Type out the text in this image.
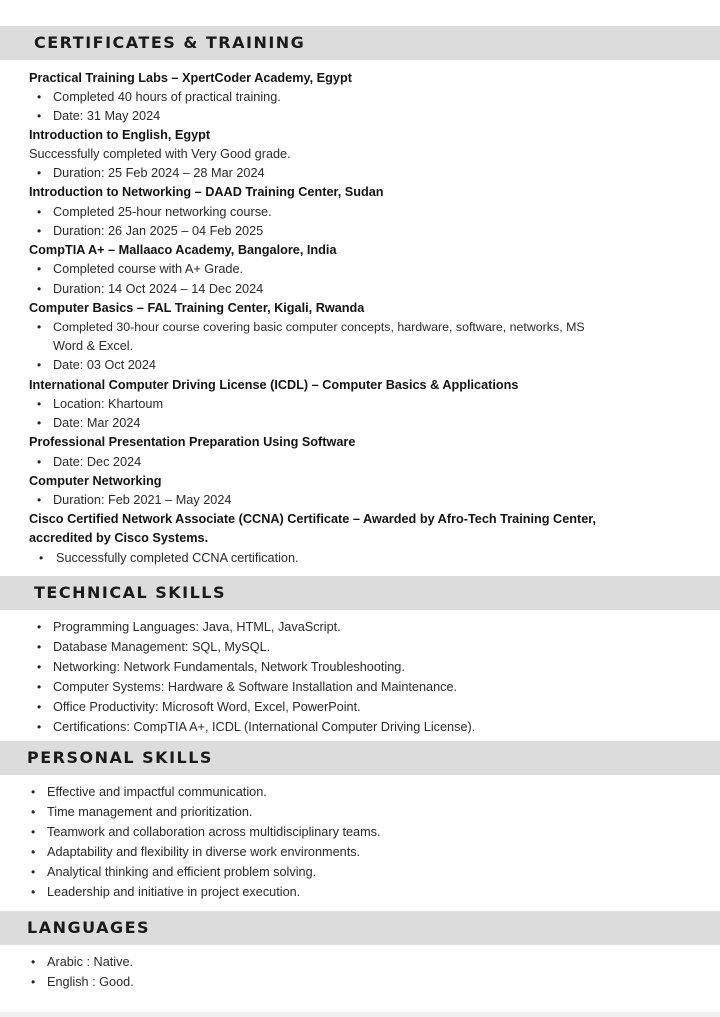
CERTIFICATES & TRAINING
Practical Training Labs – XpertCoder Academy, Egypt
• Completed 40 hours of practical training.
• Date: 31 May 2024
Introduction to English, Egypt
Successfully completed with Very Good grade.
• Duration: 25 Feb 2024 – 28 Mar 2024
Introduction to Networking – DAAD Training Center, Sudan
• Completed 25-hour networking course.
• Duration: 26 Jan 2025 – 04 Feb 2025
CompTIA A+ – Mallaaco Academy, Bangalore, India
• Completed course with A+ Grade.
• Duration: 14 Oct 2024 – 14 Dec 2024
Computer Basics – FAL Training Center, Kigali, Rwanda
• Completed 30-hour course covering basic computer concepts, hardware, software, networks, MS
Word & Excel.
• Date: 03 Oct 2024
International Computer Driving License (ICDL) – Computer Basics & Applications
• Location: Khartoum
• Date: Mar 2024
Professional Presentation Preparation Using Software
• Date: Dec 2024
Computer Networking
• Duration: Feb 2021 – May 2024
Cisco Certified Network Associate (CCNA) Certificate – Awarded by Afro-Tech Training Center,
accredited by Cisco Systems.
• Successfully completed CCNA certification.
TECHNICAL SKILLS
• Programming Languages: Java, HTML, JavaScript.
• Database Management: SQL, MySQL.
• Networking: Network Fundamentals, Network Troubleshooting.
• Computer Systems: Hardware & Software Installation and Maintenance.
• Office Productivity: Microsoft Word, Excel, PowerPoint.
• Certifications: CompTIA A+, ICDL (International Computer Driving License).
PERSONAL SKILLS
• Effective and impactful communication.
• Time management and prioritization.
• Teamwork and collaboration across multidisciplinary teams.
• Adaptability and flexibility in diverse work environments.
• Analytical thinking and efficient problem solving.
• Leadership and initiative in project execution.
LANGUAGES
• Arabic : Native.
• English : Good.
